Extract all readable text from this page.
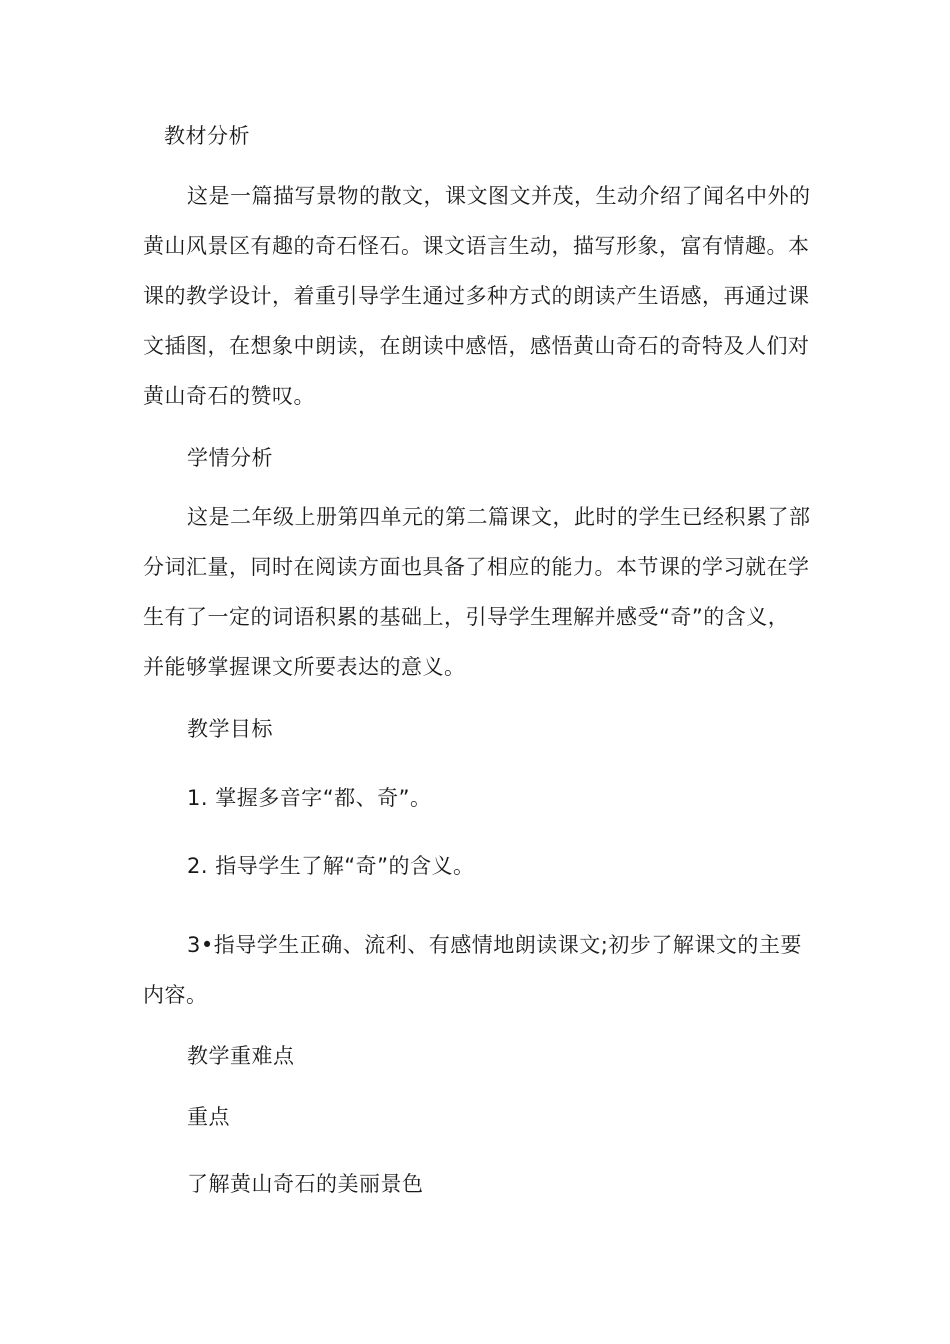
教材分析
这是一篇描写景物的散文，课文图文并茂，生动介绍了闻名中外的
黄山风景区有趣的奇石怪石。课文语言生动，描写形象，富有情趣。本
课的教学设计，着重引导学生通过多种方式的朗读产生语感，再通过课
文插图，在想象中朗读，在朗读中感悟，感悟黄山奇石的奇特及人们对
黄山奇石的赞叹。
学情分析
这是二年级上册第四单元的第二篇课文，此时的学生已经积累了部
分词汇量，同时在阅读方面也具备了相应的能力。本节课的学习就在学
生有了一定的词语积累的基础上，引导学生理解并感受“奇”的含义，
并能够掌握课文所要表达的意义。
教学目标
1. 掌握多音字“都、奇”。
2. 指导学生了解“奇”的含义。
3•指导学生正确、流利、有感情地朗读课文;初步了解课文的主要
内容。
教学重难点
重点
了解黄山奇石的美丽景色
